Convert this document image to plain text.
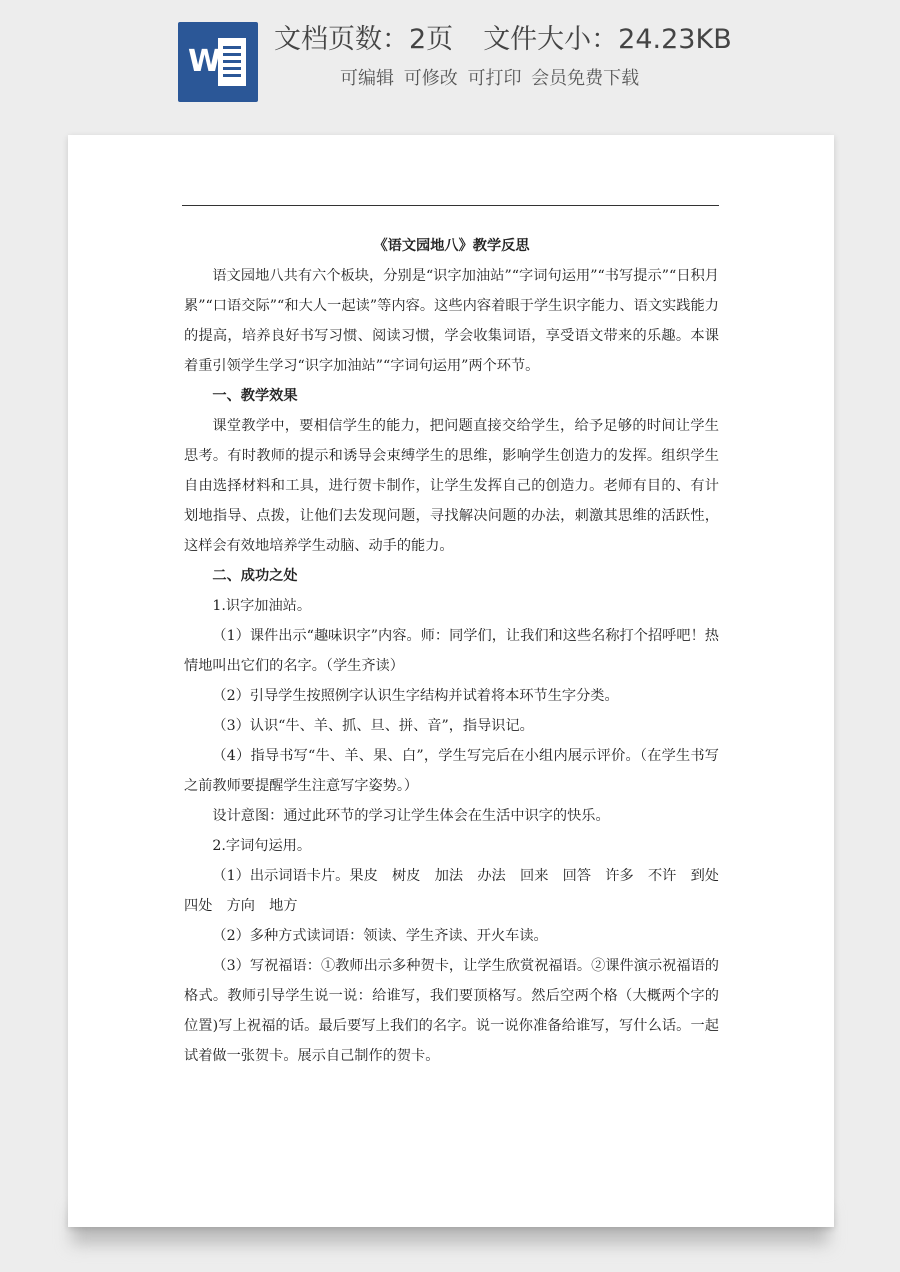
W
文档页数：2页 文件大小：24.23KB
可编辑 可修改 可打印 会员免费下载

《语文园地八》教学反思

语文园地八共有六个板块，分别是“识字加油站”“字词句运用”“书写提示”“日积月累”“口语交际”“和大人一起读”等内容。这些内容着眼于学生识字能力、语文实践能力的提高，培养良好书写习惯、阅读习惯，学会收集词语，享受语文带来的乐趣。本课着重引领学生学习“识字加油站”“字词句运用”两个环节。

一、教学效果

课堂教学中，要相信学生的能力，把问题直接交给学生，给予足够的时间让学生思考。有时教师的提示和诱导会束缚学生的思维，影响学生创造力的发挥。组织学生自由选择材料和工具，进行贺卡制作，让学生发挥自己的创造力。老师有目的、有计划地指导、点拨，让他们去发现问题，寻找解决问题的办法，刺激其思维的活跃性，这样会有效地培养学生动脑、动手的能力。

二、成功之处

1.识字加油站。

（1）课件出示“趣味识字”内容。师：同学们，让我们和这些名称打个招呼吧！热情地叫出它们的名字。（学生齐读）

（2）引导学生按照例字认识生字结构并试着将本环节生字分类。

（3）认识“牛、羊、抓、旦、拼、音”，指导识记。

（4）指导书写“牛、羊、果、白”，学生写完后在小组内展示评价。（在学生书写之前教师要提醒学生注意写字姿势。）

设计意图：通过此环节的学习让学生体会在生活中识字的快乐。

2.字词句运用。

（1）出示词语卡片。果皮　树皮　加法　办法　回来　回答　许多　不许　到处　四处　方向　地方

（2）多种方式读词语：领读、学生齐读、开火车读。

（3）写祝福语：①教师出示多种贺卡，让学生欣赏祝福语。②课件演示祝福语的格式。教师引导学生说一说：给谁写，我们要顶格写。然后空两个格（大概两个字的位置)写上祝福的话。最后要写上我们的名字。说一说你准备给谁写，写什么话。一起试着做一张贺卡。展示自己制作的贺卡。
